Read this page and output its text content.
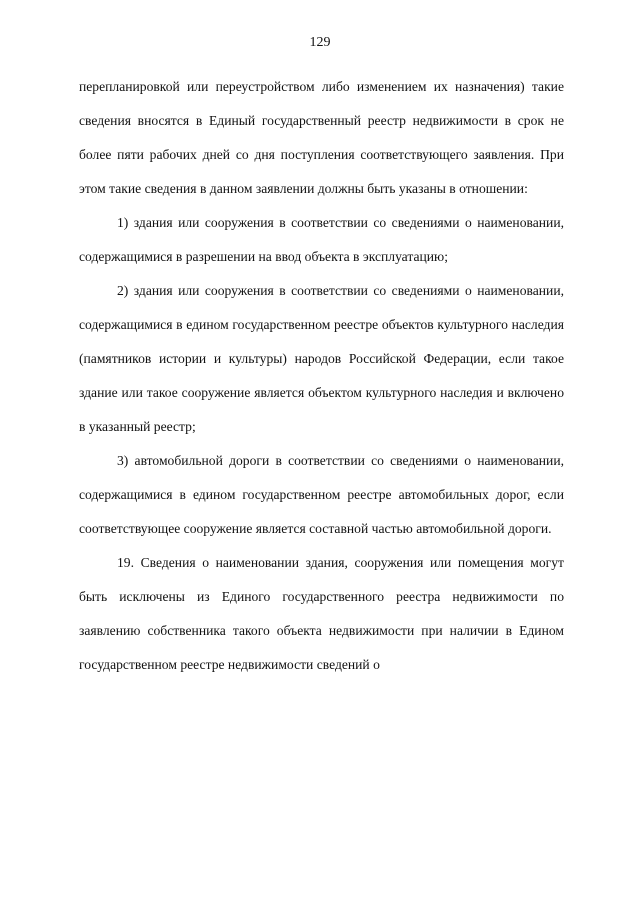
129

перепланировкой или переустройством либо изменением их назначения) такие сведения вносятся в Единый государственный реестр недвижимости в срок не более пяти рабочих дней со дня поступления соответствующего заявления. При этом такие сведения в данном заявлении должны быть указаны в отношении:

1) здания или сооружения в соответствии со сведениями о наименовании, содержащимися в разрешении на ввод объекта в эксплуатацию;

2) здания или сооружения в соответствии со сведениями о наименовании, содержащимися в едином государственном реестре объектов культурного наследия (памятников истории и культуры) народов Российской Федерации, если такое здание или такое сооружение является объектом культурного наследия и включено в указанный реестр;

3) автомобильной дороги в соответствии со сведениями о наименовании, содержащимися в едином государственном реестре автомобильных дорог, если соответствующее сооружение является составной частью автомобильной дороги.

19. Сведения о наименовании здания, сооружения или помещения могут быть исключены из Единого государственного реестра недвижимости по заявлению собственника такого объекта недвижимости при наличии в Едином государственном реестре недвижимости сведений о
